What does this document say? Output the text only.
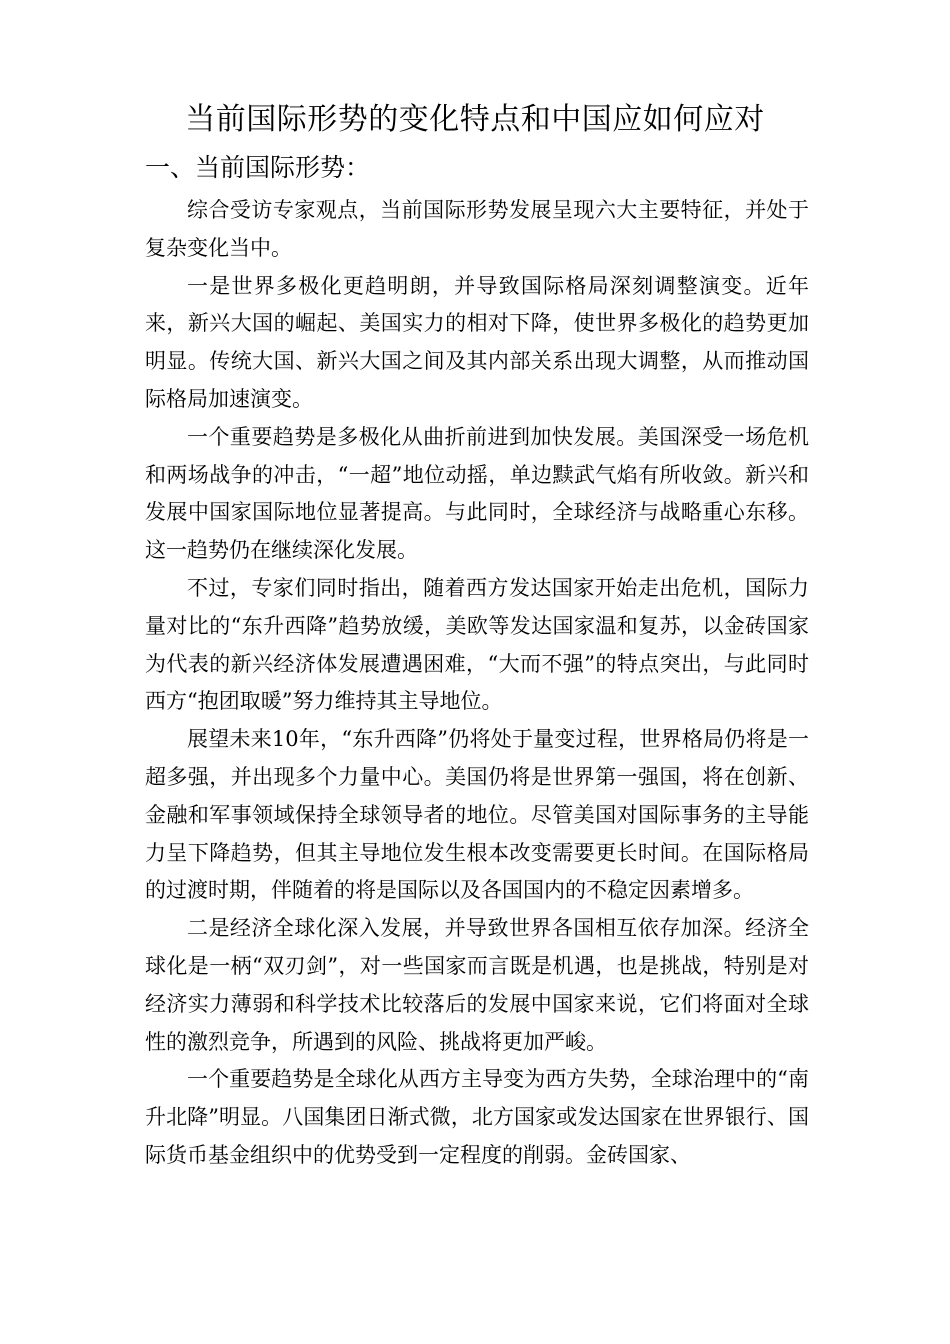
当前国际形势的变化特点和中国应如何应对
一、当前国际形势：

综合受访专家观点，当前国际形势发展呈现六大主要特征，并处于复杂变化当中。

一是世界多极化更趋明朗，并导致国际格局深刻调整演变。近年来，新兴大国的崛起、美国实力的相对下降，使世界多极化的趋势更加明显。传统大国、新兴大国之间及其内部关系出现大调整，从而推动国际格局加速演变。

一个重要趋势是多极化从曲折前进到加快发展。美国深受一场危机和两场战争的冲击，“一超”地位动摇，单边黩武气焰有所收敛。新兴和发展中国家国际地位显著提高。与此同时，全球经济与战略重心东移。这一趋势仍在继续深化发展。

不过，专家们同时指出，随着西方发达国家开始走出危机，国际力量对比的“东升西降”趋势放缓，美欧等发达国家温和复苏，以金砖国家为代表的新兴经济体发展遭遇困难，“大而不强”的特点突出，与此同时西方“抱团取暖”努力维持其主导地位。

展望未来10年，“东升西降”仍将处于量变过程，世界格局仍将是一超多强，并出现多个力量中心。美国仍将是世界第一强国，将在创新、金融和军事领域保持全球领导者的地位。尽管美国对国际事务的主导能力呈下降趋势，但其主导地位发生根本改变需要更长时间。在国际格局的过渡时期，伴随着的将是国际以及各国国内的不稳定因素增多。

二是经济全球化深入发展，并导致世界各国相互依存加深。经济全球化是一柄“双刃剑”，对一些国家而言既是机遇，也是挑战，特别是对经济实力薄弱和科学技术比较落后的发展中国家来说，它们将面对全球性的激烈竞争，所遇到的风险、挑战将更加严峻。

一个重要趋势是全球化从西方主导变为西方失势，全球治理中的“南升北降”明显。八国集团日渐式微，北方国家或发达国家在世界银行、国际货币基金组织中的优势受到一定程度的削弱。金砖国家、
